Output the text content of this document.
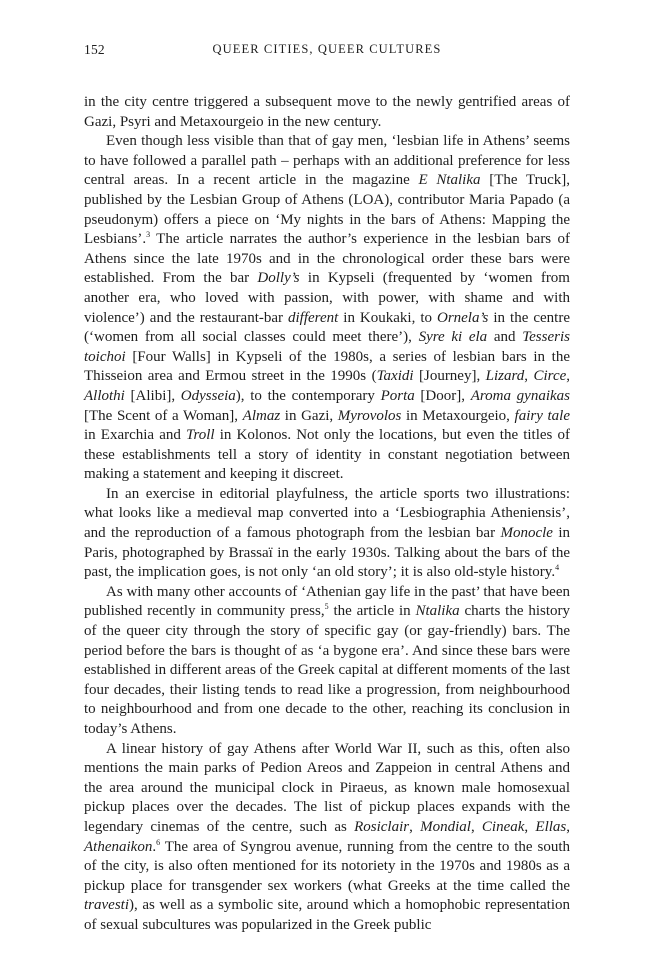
152	QUEER CITIES, QUEER CULTURES

in the city centre triggered a subsequent move to the newly gentrified areas of Gazi, Psyri and Metaxourgeio in the new century.

Even though less visible than that of gay men, ‘lesbian life in Athens’ seems to have followed a parallel path – perhaps with an additional preference for less central areas. In a recent article in the magazine E Ntalika [The Truck], published by the Lesbian Group of Athens (LOA), contributor Maria Papado (a pseudonym) offers a piece on ‘My nights in the bars of Athens: Mapping the Lesbians’.$^3$ The article narrates the author’s experience in the lesbian bars of Athens since the late 1970s and in the chronological order these bars were established. From the bar Dolly’s in Kypseli (frequented by ‘women from another era, who loved with passion, with power, with shame and with violence’) and the restaurant-bar different in Koukaki, to Ornela’s in the centre (‘women from all social classes could meet there’), Syre ki ela and Tesseris toichoi [Four Walls] in Kypseli of the 1980s, a series of lesbian bars in the Thisseion area and Ermou street in the 1990s (Taxidi [Journey], Lizard, Circe, Allothi [Alibi], Odysseia), to the contemporary Porta [Door], Aroma gynaikas [The Scent of a Woman], Almaz in Gazi, Myrovolos in Metaxourgeio, fairy tale in Exarchia and Troll in Kolonos. Not only the locations, but even the titles of these establishments tell a story of identity in constant negotiation between making a statement and keeping it discreet.

In an exercise in editorial playfulness, the article sports two illustrations: what looks like a medieval map converted into a ‘Lesbiographia Atheniensis’, and the reproduction of a famous photograph from the lesbian bar Monocle in Paris, photographed by Brassaï in the early 1930s. Talking about the bars of the past, the implication goes, is not only ‘an old story’; it is also old-style history.$^4$

As with many other accounts of ‘Athenian gay life in the past’ that have been published recently in community press,$^5$ the article in Ntalika charts the history of the queer city through the story of specific gay (or gay-friendly) bars. The period before the bars is thought of as ‘a bygone era’. And since these bars were established in different areas of the Greek capital at different moments of the last four decades, their listing tends to read like a progression, from neighbourhood to neighbourhood and from one decade to the other, reaching its conclusion in today’s Athens.

A linear history of gay Athens after World War II, such as this, often also mentions the main parks of Pedion Areos and Zappeion in central Athens and the area around the municipal clock in Piraeus, as known male homosexual pickup places over the decades. The list of pickup places expands with the legendary cinemas of the centre, such as Rosiclair, Mondial, Cineak, Ellas, Athenaikon.$^6$ The area of Syngrou avenue, running from the centre to the south of the city, is also often mentioned for its notoriety in the 1970s and 1980s as a pickup place for transgender sex workers (what Greeks at the time called the travesti), as well as a symbolic site, around which a homophobic representation of sexual subcultures was popularized in the Greek public
